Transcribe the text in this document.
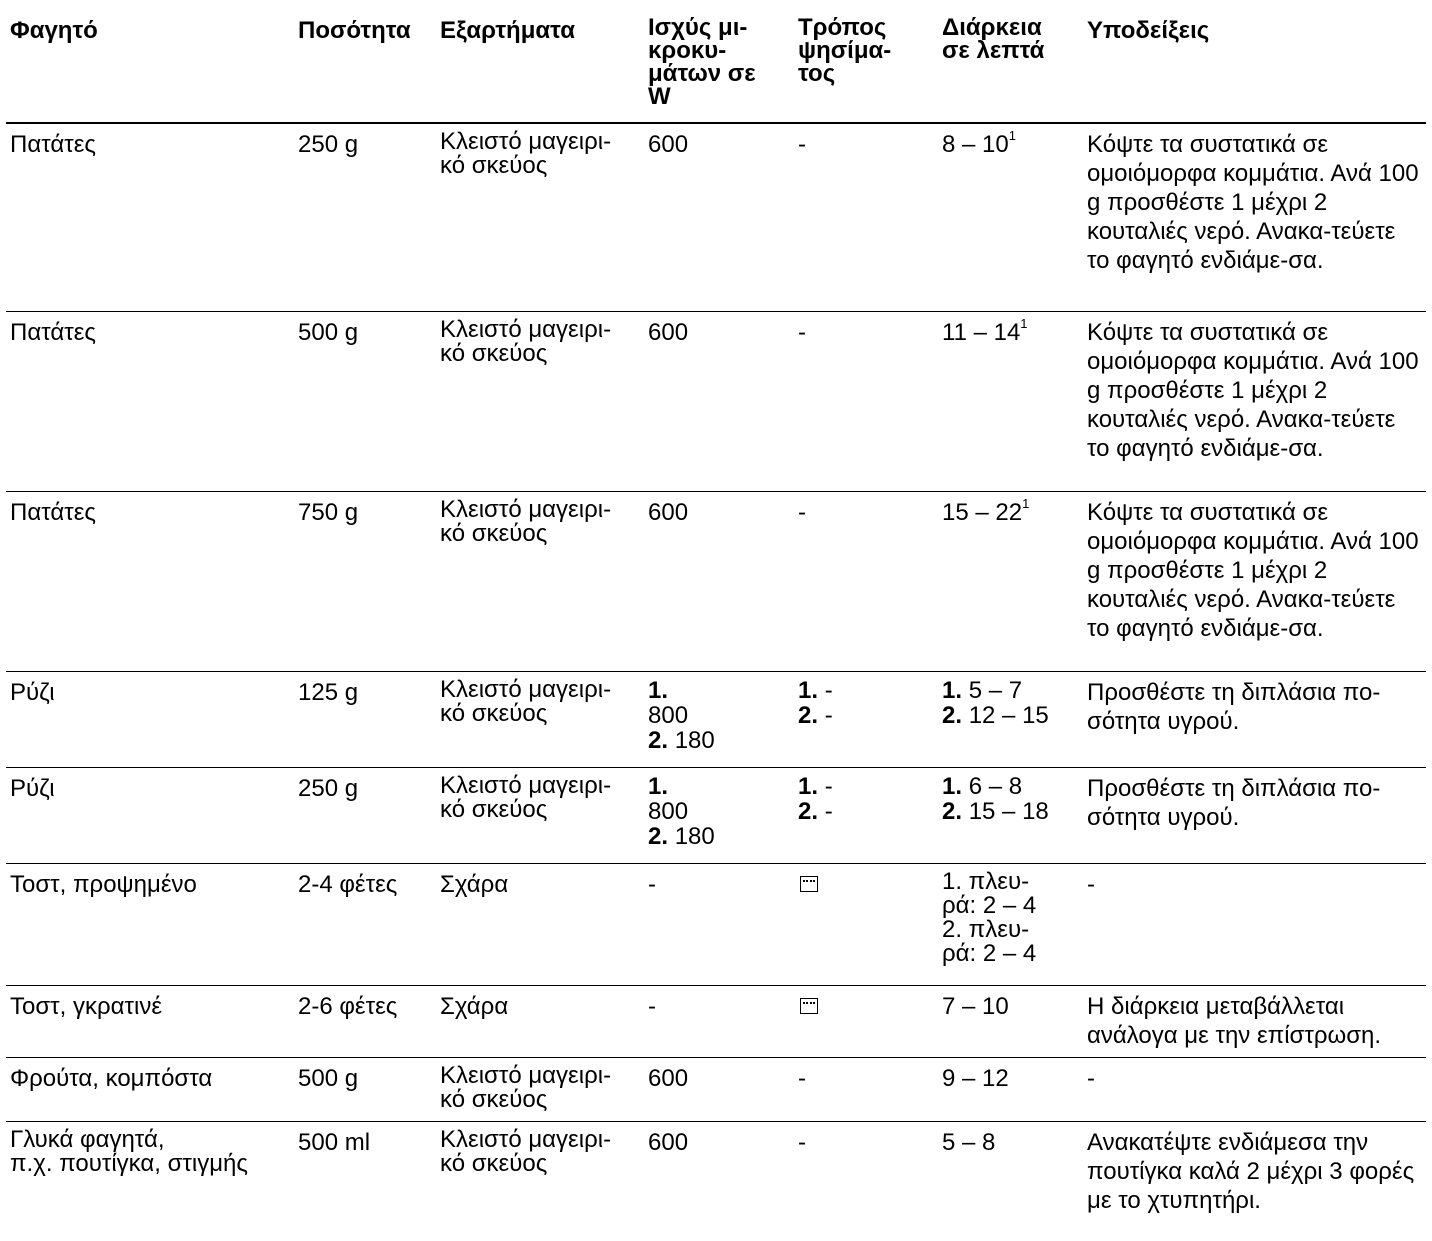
Φαγητό	Ποσότητα	Εξαρτήματα	Ισχύς μι-
κροκυ-
μάτων σε
W	Τρόπος
ψησίμα-
τος	Διάρκεια
σε λεπτά	Υποδείξεις
Πατάτες	250 g	Κλειστό μαγειρι-
κό σκεύος	600	-	$8 - 10^1$	Κόψτε τα συστατικά σε ομοιόμορφα κομμάτια. Ανά 100 g προσθέστε 1 μέχρι 2 κουταλιές νερό. Ανακα-τεύετε το φαγητό ενδιάμε-σα.
Πατάτες	500 g	Κλειστό μαγειρι-
κό σκεύος	600	-	$11 - 14^1$	Κόψτε τα συστατικά σε ομοιόμορφα κομμάτια. Ανά 100 g προσθέστε 1 μέχρι 2 κουταλιές νερό. Ανακα-τεύετε το φαγητό ενδιάμε-σα.
Πατάτες	750 g	Κλειστό μαγειρι-
κό σκεύος	600	-	$15 - 22^1$	Κόψτε τα συστατικά σε ομοιόμορφα κομμάτια. Ανά 100 g προσθέστε 1 μέχρι 2 κουταλιές νερό. Ανακα-τεύετε το φαγητό ενδιάμε-σα.
Ρύζι	125 g	Κλειστό μαγειρι-
κό σκεύος	1.
800
2. 180	1. -
2. -	1. 5 – 7
2. 12 – 15	Προσθέστε τη διπλάσια πο-σότητα υγρού.
Ρύζι	250 g	Κλειστό μαγειρι-
κό σκεύος	1.
800
2. 180	1. -
2. -	1. 6 – 8
2. 15 – 18	Προσθέστε τη διπλάσια πο-σότητα υγρού.
Τοστ, προψημένο	2-4 φέτες	Σχάρα	-		1. πλευ-
ρά: 2 – 4
2. πλευ-
ρά: 2 – 4	-
Τοστ, γκρατινέ	2-6 φέτες	Σχάρα	-		7 – 10	Η διάρκεια μεταβάλλεται ανάλογα με την επίστρωση.
Φρούτα, κομπόστα	500 g	Κλειστό μαγειρι-
κό σκεύος	600	-	9 – 12	-
Γλυκά φαγητά,
π.χ. πουτίγκα, στιγμής	500 ml	Κλειστό μαγειρι-
κό σκεύος	600	-	5 – 8	Ανακατέψτε ενδιάμεσα την πουτίγκα καλά 2 μέχρι 3 φορές με το χτυπητήρι.
